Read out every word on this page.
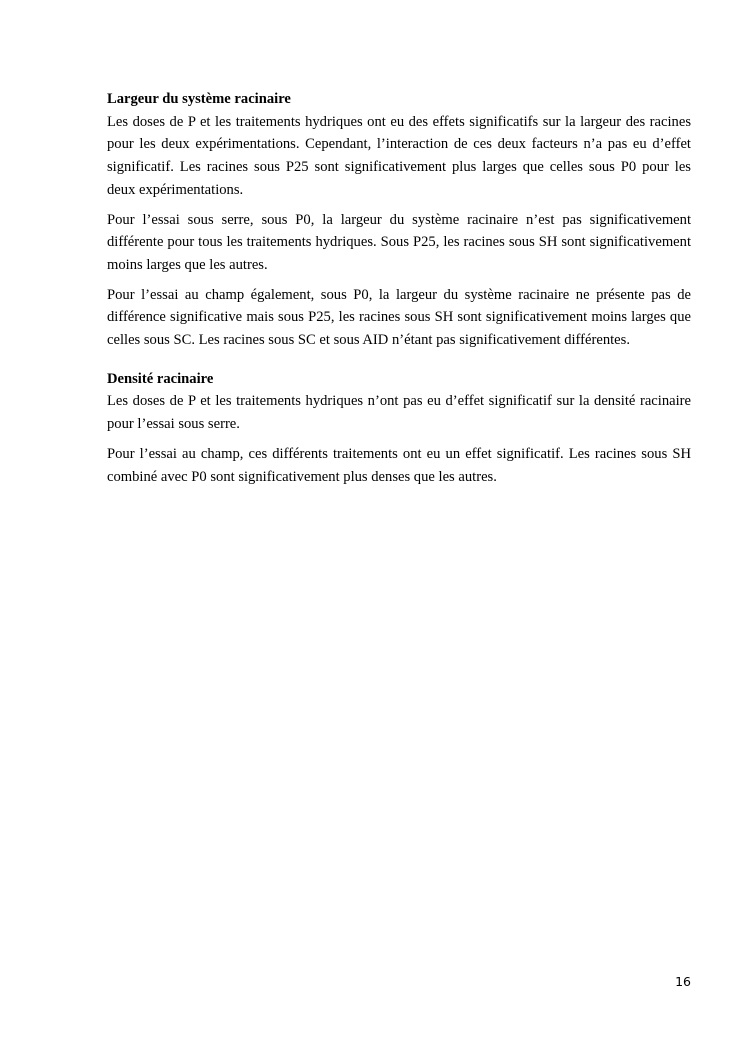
Largeur du système racinaire

Les doses de P et les traitements hydriques ont eu des effets significatifs sur la largeur des racines pour les deux expérimentations. Cependant, l’interaction de ces deux facteurs n’a pas eu d’effet significatif. Les racines sous P25 sont significativement plus larges que celles sous P0 pour les deux expérimentations.

Pour l’essai sous serre, sous P0, la largeur du système racinaire n’est pas significativement différente pour tous les traitements hydriques. Sous P25, les racines sous SH sont significativement moins larges que les autres.

Pour l’essai au champ également, sous P0, la largeur du système racinaire ne présente pas de différence significative mais sous P25, les racines sous SH sont significativement moins larges que celles sous SC. Les racines sous SC et sous AID n’étant pas significativement différentes.

Densité racinaire

Les doses de P et les traitements hydriques n’ont pas eu d’effet significatif sur la densité racinaire pour l’essai sous serre.

Pour l’essai au champ, ces différents traitements ont eu un effet significatif. Les racines sous SH combiné avec P0 sont significativement plus denses que les autres.

16
